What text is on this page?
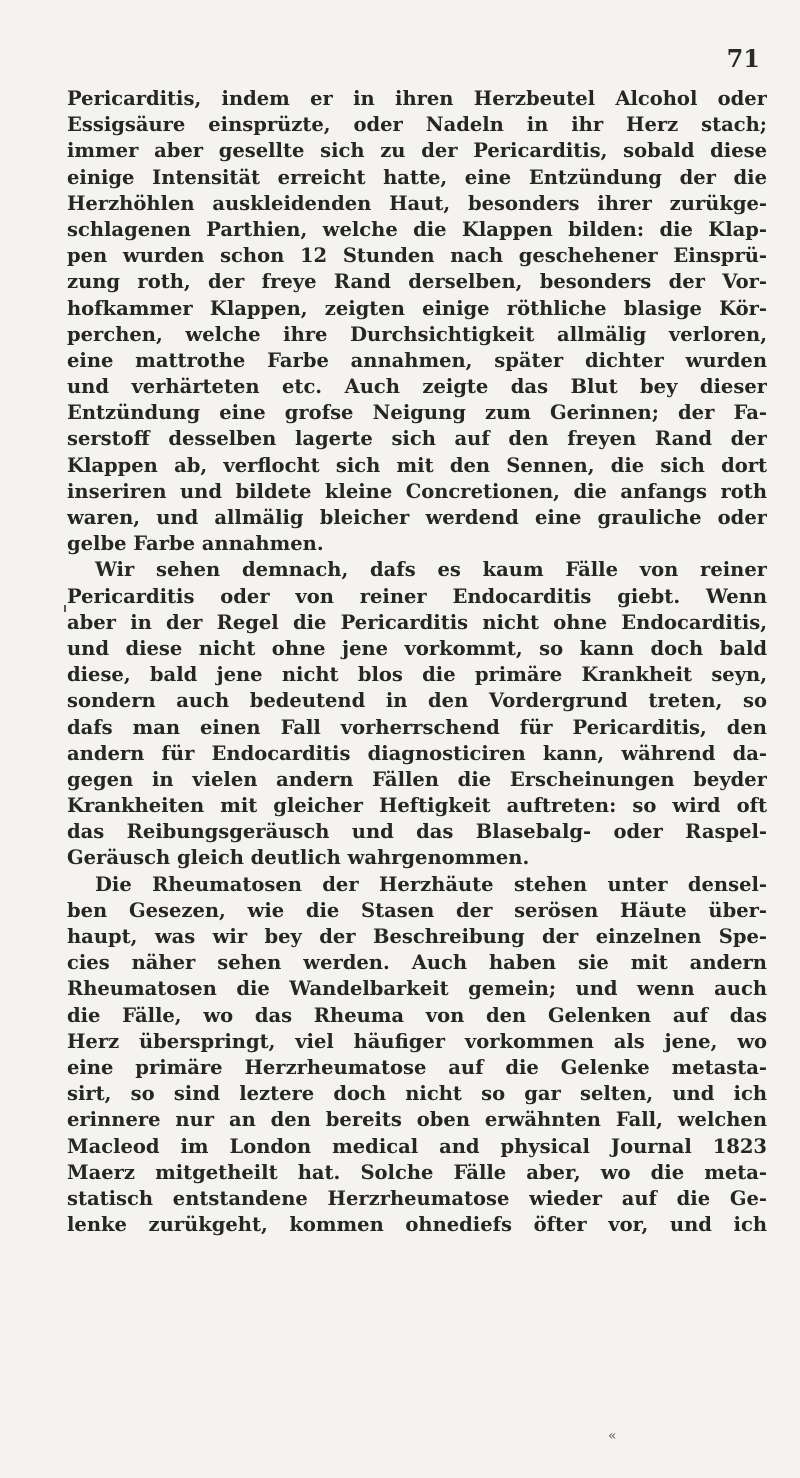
71
Pericarditis, indem er in ihren Herzbeutel Alcohol oder
Essigsäure einsprüzte, oder Nadeln in ihr Herz stach;
immer aber gesellte sich zu der Pericarditis, sobald diese
einige Intensität erreicht hatte, eine Entzündung der die
Herzhöhlen auskleidenden Haut, besonders ihrer zurükge-
schlagenen Parthien, welche die Klappen bilden: die Klap-
pen wurden schon 12 Stunden nach geschehener Einsprü-
zung roth, der freye Rand derselben, besonders der Vor-
hofkammer Klappen, zeigten einige röthliche blasige Kör-
perchen, welche ihre Durchsichtigkeit allmälig verloren,
eine mattrothe Farbe annahmen, später dichter wurden
und verhärteten etc. Auch zeigte das Blut bey dieser
Entzündung eine grofse Neigung zum Gerinnen; der Fa-
serstoff desselben lagerte sich auf den freyen Rand der
Klappen ab, verflocht sich mit den Sennen, die sich dort
inseriren und bildete kleine Concretionen, die anfangs roth
waren, und allmälig bleicher werdend eine grauliche oder
gelbe Farbe annahmen.
Wir sehen demnach, dafs es kaum Fälle von reiner
Pericarditis oder von reiner Endocarditis giebt. Wenn
aber in der Regel die Pericarditis nicht ohne Endocarditis,
und diese nicht ohne jene vorkommt, so kann doch bald
diese, bald jene nicht blos die primäre Krankheit seyn,
sondern auch bedeutend in den Vordergrund treten, so
dafs man einen Fall vorherrschend für Pericarditis, den
andern für Endocarditis diagnosticiren kann, während da-
gegen in vielen andern Fällen die Erscheinungen beyder
Krankheiten mit gleicher Heftigkeit auftreten: so wird oft
das Reibungsgeräusch und das Blasebalg- oder Raspel-
Geräusch gleich deutlich wahrgenommen.
Die Rheumatosen der Herzhäute stehen unter densel-
ben Gesezen, wie die Stasen der serösen Häute über-
haupt, was wir bey der Beschreibung der einzelnen Spe-
cies näher sehen werden. Auch haben sie mit andern
Rheumatosen die Wandelbarkeit gemein; und wenn auch
die Fälle, wo das Rheuma von den Gelenken auf das
Herz überspringt, viel häufiger vorkommen als jene, wo
eine primäre Herzrheumatose auf die Gelenke metasta-
sirt, so sind leztere doch nicht so gar selten, und ich
erinnere nur an den bereits oben erwähnten Fall, welchen
Macleod im London medical and physical Journal 1823
Maerz mitgetheilt hat. Solche Fälle aber, wo die meta-
statisch entstandene Herzrheumatose wieder auf die Ge-
lenke zurükgeht, kommen ohnediefs öfter vor, und ich
«
